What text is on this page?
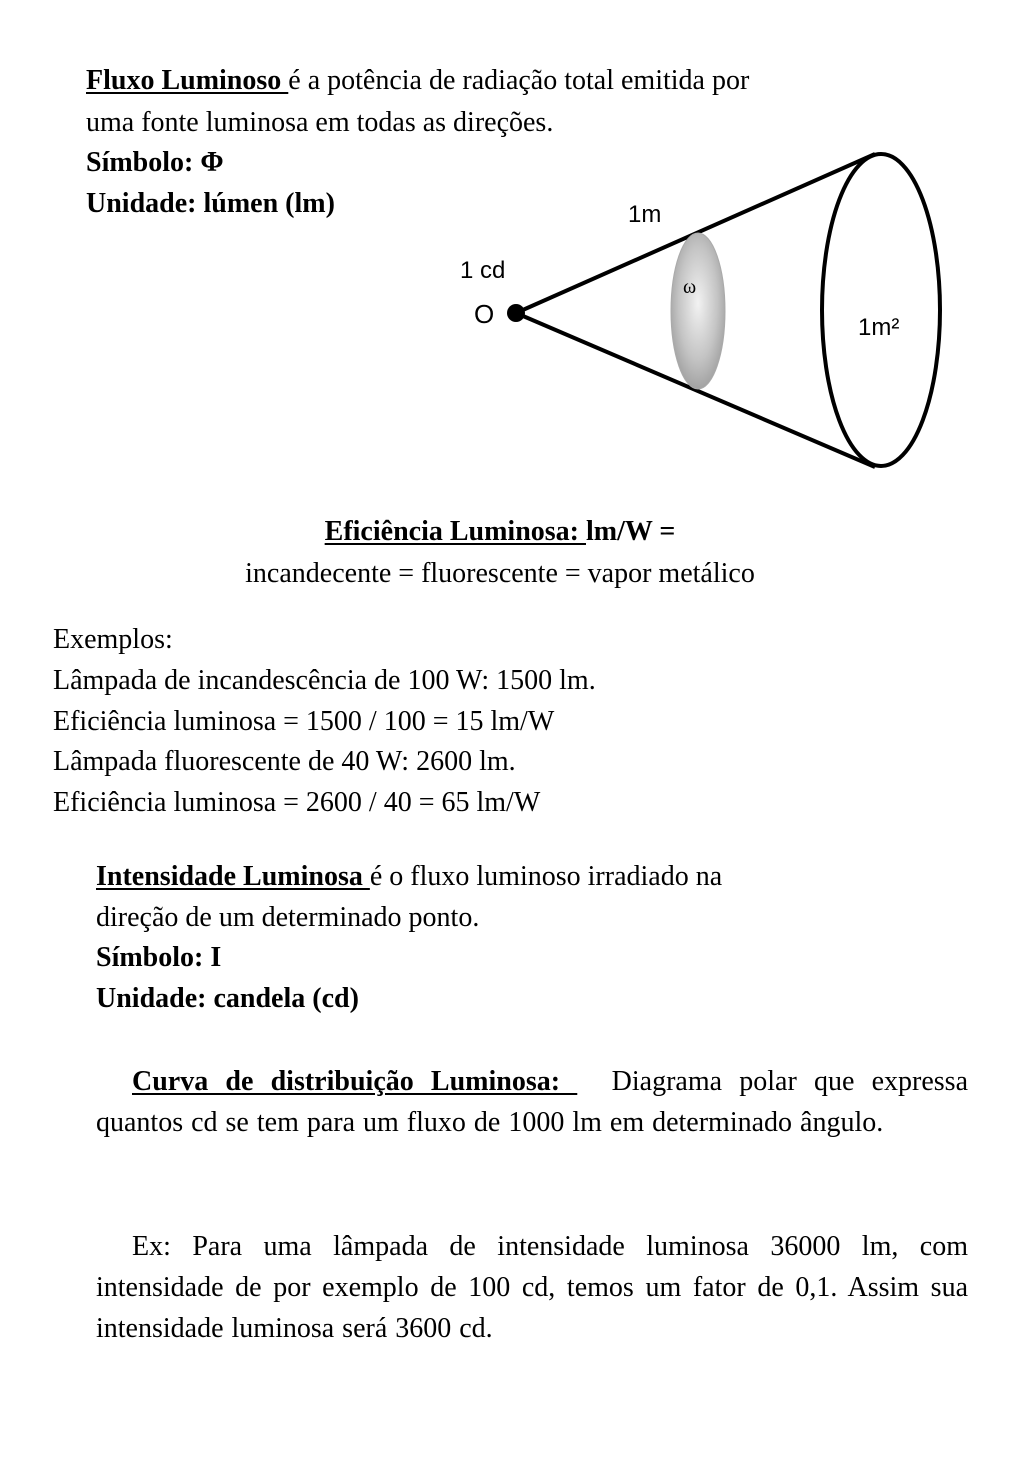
Fluxo Luminoso é a potência de radiação total emitida por
uma fonte luminosa em todas as direções.
Símbolo: Φ
Unidade: lúmen (lm)	1m
1 cd
O
ω
1m²
Eficiência Luminosa: lm/W =
incandecente = fluorescente = vapor metálico
Exemplos:
Lâmpada de incandescência de 100 W: 1500 lm.
Eficiência luminosa = 1500 / 100 = 15 lm/W
Lâmpada fluorescente de 40 W: 2600 lm.
Eficiência luminosa = 2600 / 40 = 65 lm/W
Intensidade Luminosa é o fluxo luminoso irradiado na
direção de um determinado ponto.
Símbolo: I
Unidade: candela (cd)
Curva de distribuição Luminosa:   Diagrama polar que expressa quantos cd se tem para um fluxo de 1000 lm em determinado ângulo.
Ex: Para uma lâmpada de intensidade luminosa 36000 lm, com intensidade de por exemplo de 100 cd, temos um fator de 0,1. Assim sua intensidade luminosa será 3600 cd.
